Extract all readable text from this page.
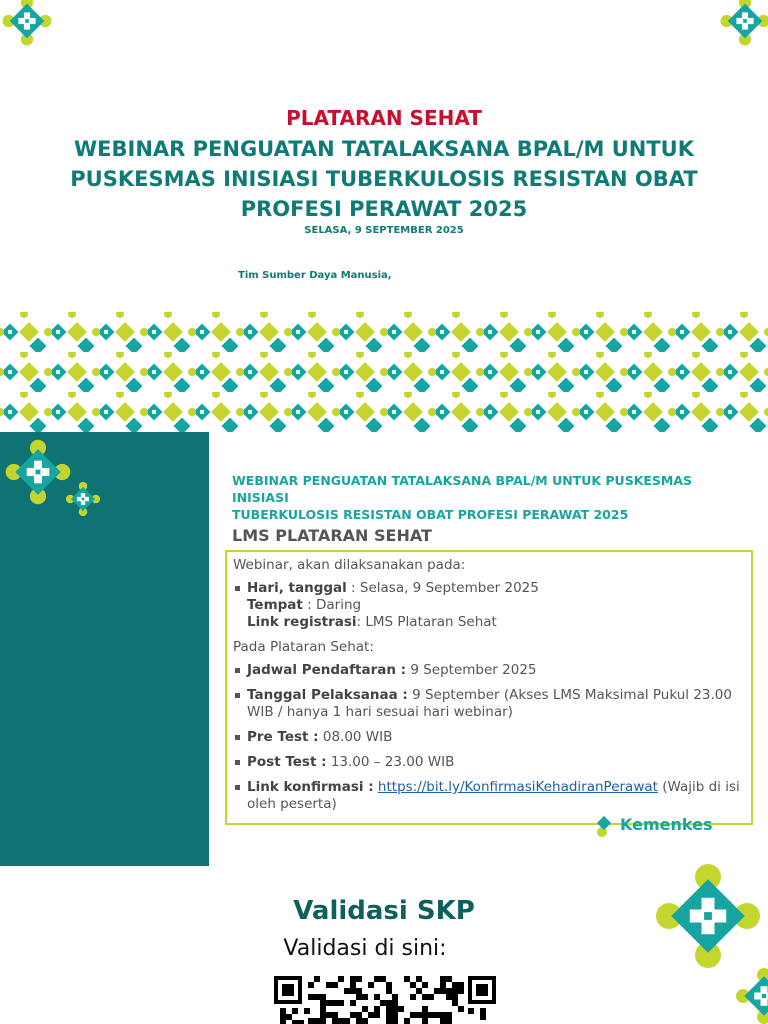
PLATARAN SEHAT
WEBINAR PENGUATAN TATALAKSANA BPAL/M UNTUK
PUSKESMAS INISIASI TUBERKULOSIS RESISTAN OBAT
PROFESI PERAWAT 2025
SELASA, 9 SEPTEMBER 2025
Tim Sumber Daya Manusia,
WEBINAR PENGUATAN TATALAKSANA BPAL/M UNTUK PUSKESMAS INISIASI
TUBERKULOSIS RESISTAN OBAT PROFESI PERAWAT 2025
LMS PLATARAN SEHAT
Webinar, akan dilaksanakan pada:
Hari, tanggal : Selasa, 9 September 2025
Tempat : Daring
Link registrasi: LMS Plataran Sehat
Pada Plataran Sehat:
Jadwal Pendaftaran : 9 September 2025
Tanggal Pelaksanaa : 9 September (Akses LMS Maksimal Pukul 23.00 WIB / hanya 1 hari sesuai hari webinar)
Pre Test : 08.00 WIB
Post Test : 13.00 – 23.00 WIB
Link konfirmasi : https://bit.ly/KonfirmasiKehadiranPerawat (Wajib di isi oleh peserta)
Kemenkes
Validasi SKP
Validasi di sini:
